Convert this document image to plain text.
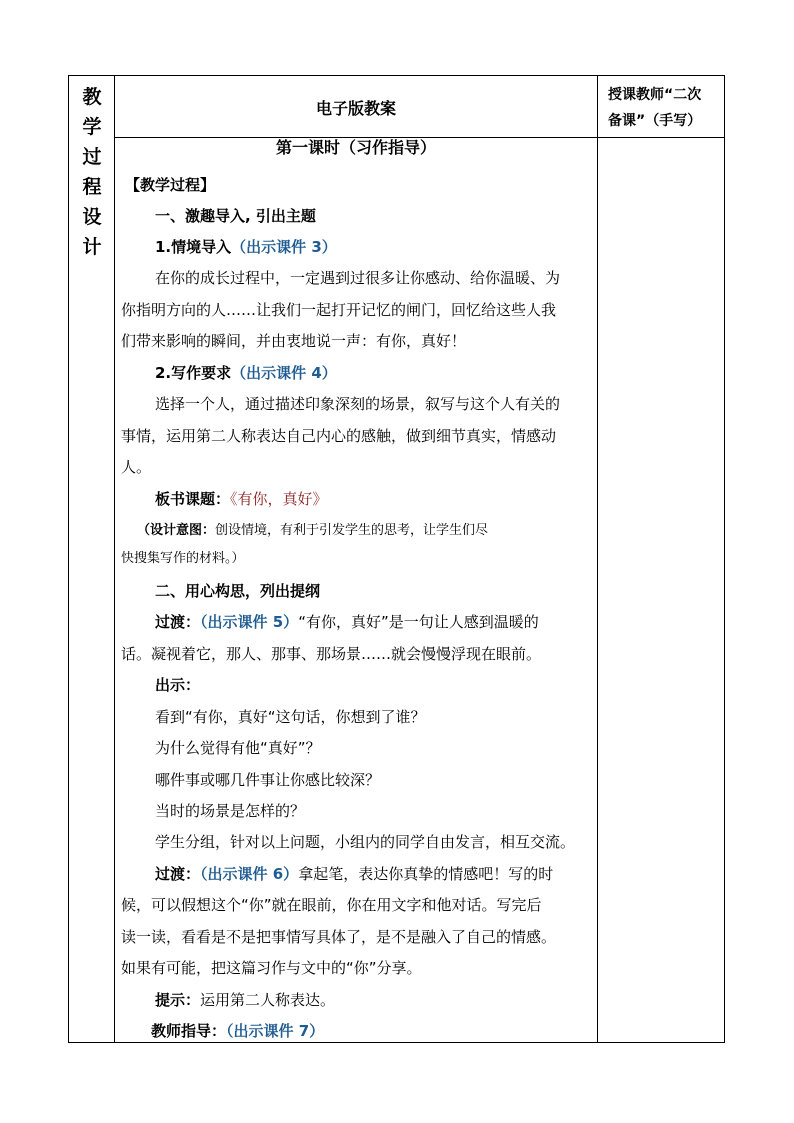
教
学
过
程
设
计
电子版教案
授课教师“二次
备课”（手写）
第一课时（习作指导）
【教学过程】
一、激趣导入, 引出主题
1.情境导入（出示课件 3）
在你的成长过程中，一定遇到过很多让你感动、给你温暖、为
你指明方向的人……让我们一起打开记忆的闸门，回忆给这些人我
们带来影响的瞬间，并由衷地说一声：有你，真好！
2.写作要求（出示课件 4）
选择一个人，通过描述印象深刻的场景，叙写与这个人有关的
事情，运用第二人称表达自己内心的感触，做到细节真实，情感动
人。
板书课题：《有你，真好》
（设计意图：创设情境，有利于引发学生的思考，让学生们尽
快搜集写作的材料。）
二、用心构思，列出提纲
过渡：（出示课件 5）“有你，真好”是一句让人感到温暖的
话。凝视着它，那人、那事、那场景……就会慢慢浮现在眼前。
出示：
看到“有你，真好“这句话，你想到了谁？
为什么觉得有他“真好”？
哪件事或哪几件事让你感比较深？
当时的场景是怎样的？
学生分组，针对以上问题，小组内的同学自由发言，相互交流。
过渡：（出示课件 6）拿起笔，表达你真挚的情感吧！写的时
候，可以假想这个“你”就在眼前，你在用文字和他对话。写完后
读一读，看看是不是把事情写具体了，是不是融入了自己的情感。
如果有可能，把这篇习作与文中的“你”分享。
提示：运用第二人称表达。
教师指导：（出示课件 7）
